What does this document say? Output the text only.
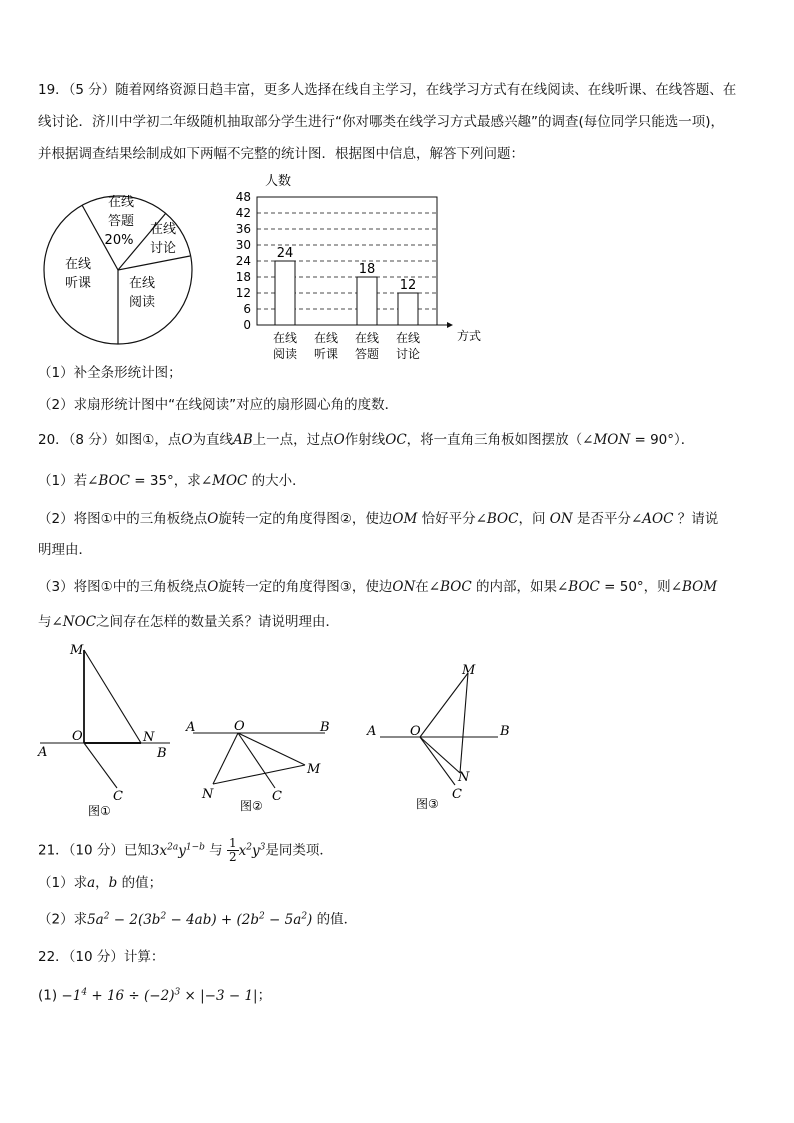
19．（5 分）随着网络资源日趋丰富，更多人选择在线自主学习，在线学习方式有在线阅读、在线听课、在线答题、在
线讨论．济川中学初二年级随机抽取部分学生进行“你对哪类在线学习方式最感兴趣”的调查(每位同学只能选一项)，
并根据调查结果绘制成如下两幅不完整的统计图．根据图中信息，解答下列问题：
在线
答题
20%
在线
讨论
在线
阅读
在线
听课
人数
方式
0
6
12
18
24
30
36
42
48
24
在线
阅读
在线
听课
18
在线
答题
12
在线
讨论
（1）补全条形统计图；
（2）求扇形统计图中“在线阅读”对应的扇形圆心角的度数．
20．（8 分）如图①，点O为直线AB上一点，过点O作射线OC，将一直角三角板如图摆放（∠MON = 90°）．
（1）若∠BOC = 35°，求∠MOC 的大小．
（2）将图①中的三角板绕点O旋转一定的角度得图②，使边OM 恰好平分∠BOC，问 ON 是否平分∠AOC ？请说
明理由．
（3）将图①中的三角板绕点O旋转一定的角度得图③，使边ON在∠BOC 的内部，如果∠BOC = 50°，则∠BOM
与∠NOC之间存在怎样的数量关系？请说明理由．
M
O	N
A	B
C
图①
A	O	B
M
N	C
图②
A	O	B
M
N
C
图③
21．（10 分）已知$3x^{2a}y^{1-b}$ 与 $\frac{1}{2} x^2y^3$是同类项．
（1）求a，b 的值；
（2）求$5a^2 - 2(3b^2 - 4ab) + (2b^2 - 5a^2)$ 的值．
22．（10 分）计算：
$(1) -1^4 + 16 \div (-2)^3 \times |-3 - 1|$；
